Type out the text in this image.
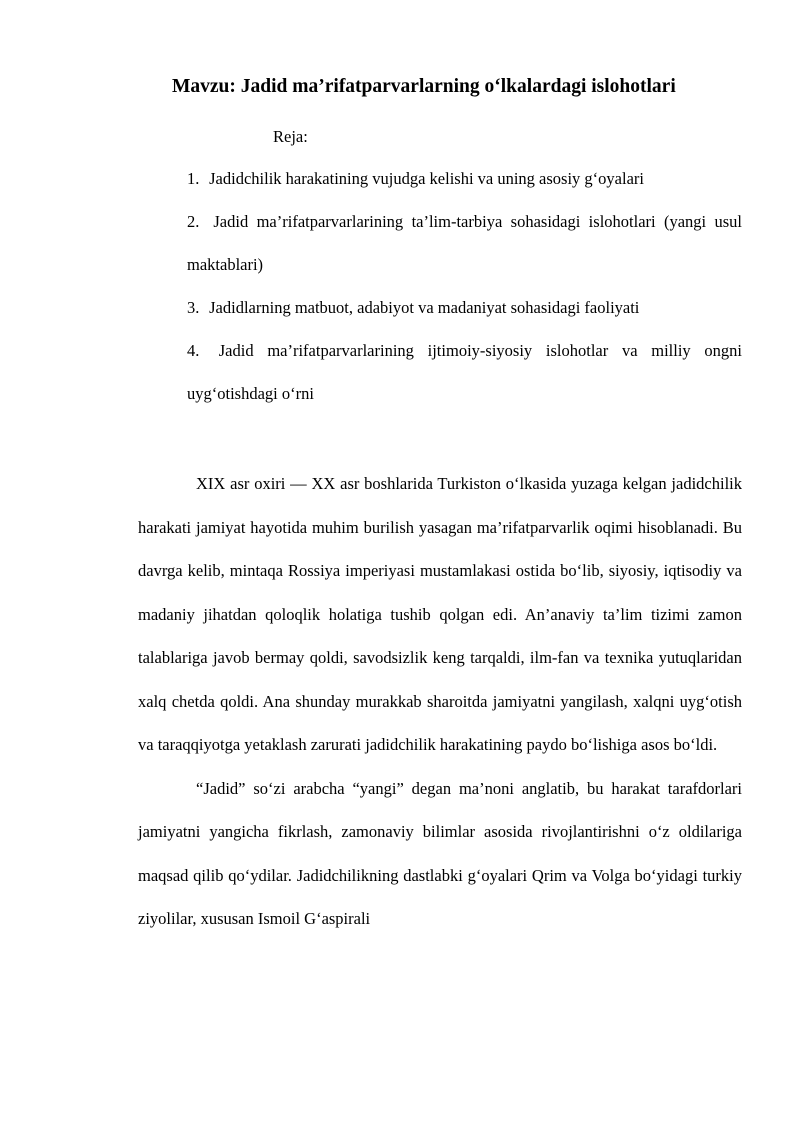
Mavzu: Jadid ma’rifatparvarlarning o‘lkalardagi islohotlari
Reja:
1. Jadidchilik harakatining vujudga kelishi va uning asosiy g‘oyalari
2. Jadid ma’rifatparvarlarining ta’lim-tarbiya sohasidagi islohotlari (yangi usul maktablari)
3. Jadidlarning matbuot, adabiyot va madaniyat sohasidagi faoliyati
4. Jadid ma’rifatparvarlarining ijtimoiy-siyosiy islohotlar va milliy ongni uyg‘otishdagi o‘rni

XIX asr oxiri — XX asr boshlarida Turkiston o‘lkasida yuzaga kelgan jadidchilik harakati jamiyat hayotida muhim burilish yasagan ma’rifatparvarlik oqimi hisoblanadi. Bu davrga kelib, mintaqa Rossiya imperiyasi mustamlakasi ostida bo‘lib, siyosiy, iqtisodiy va madaniy jihatdan qoloqlik holatiga tushib qolgan edi. An’anaviy ta’lim tizimi zamon talablariga javob bermay qoldi, savodsizlik keng tarqaldi, ilm-fan va texnika yutuqlaridan xalq chetda qoldi. Ana shunday murakkab sharoitda jamiyatni yangilash, xalqni uyg‘otish va taraqqiyotga yetaklash zarurati jadidchilik harakatining paydo bo‘lishiga asos bo‘ldi.

“Jadid” so‘zi arabcha “yangi” degan ma’noni anglatib, bu harakat tarafdorlari jamiyatni yangicha fikrlash, zamonaviy bilimlar asosida rivojlantirishni o‘z oldilariga maqsad qilib qo‘ydilar. Jadidchilikning dastlabki g‘oyalari Qrim va Volga bo‘yidagi turkiy ziyolilar, xususan Ismoil G‘aspirali
